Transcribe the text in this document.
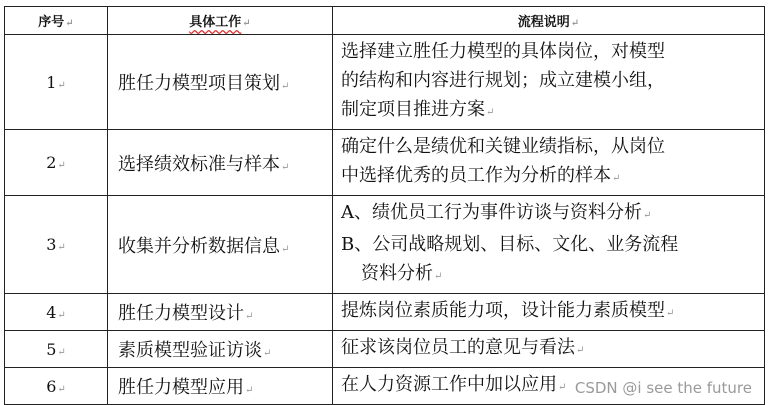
序号↵	具体工作↵	流程说明↵
1↵	胜任力模型项目策划↵	选择建立胜任力模型的具体岗位，对模型
的结构和内容进行规划；成立建模小组，
制定项目推进方案↵

2↵	选择绩效标准与样本↵	确定什么是绩优和关键业绩指标，从岗位
中选择优秀的员工作为分析的样本↵

3↵	收集并分析数据信息↵	A、绩优员工行为事件访谈与资料分析↵
B、公司战略规划、目标、文化、业务流程
资料分析↵

4↵	胜任力模型设计↵	提炼岗位素质能力项，设计能力素质模型↵
5↵	素质模型验证访谈↵	征求该岗位员工的意见与看法↵
6↵	胜任力模型应用↵	在人力资源工作中加以应用↵ CSDN @i see the future
